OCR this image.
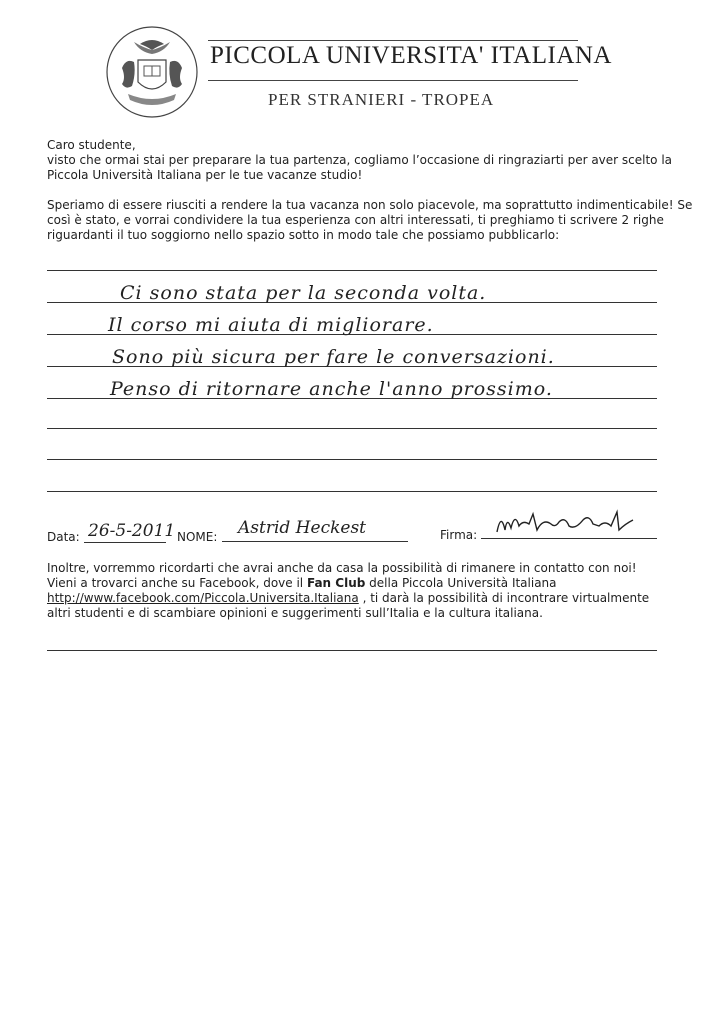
PICCOLA UNIVERSITA' ITALIANA
PER STRANIERI - TROPEA
Caro studente,
visto che ormai stai per preparare la tua partenza, cogliamo l’occasione di ringraziarti per aver scelto la
Piccola Università Italiana per le tue vacanze studio!
Speriamo di essere riusciti a rendere la tua vacanza non solo piacevole, ma soprattutto indimenticabile! Se
così è stato, e vorrai condividere la tua esperienza con altri interessati, ti preghiamo ti scrivere 2 righe
riguardanti il tuo soggiorno nello spazio sotto in modo tale che possiamo pubblicarlo:
Ci sono stata per la seconda volta.
Il corso mi aiuta di migliorare.
Sono più sicura per fare le conversazioni.
Penso di ritornare anche l'anno prossimo.
Data: 26-5-2011 NOME: Astrid Heckest	Firma:
Inoltre, vorremmo ricordarti che avrai anche da casa la possibilità di rimanere in contatto con noi!
Vieni a trovarci anche su Facebook, dove il Fan Club della Piccola Università Italiana
http://www.facebook.com/Piccola.Universita.Italiana , ti darà la possibilità di incontrare virtualmente
altri studenti e di scambiare opinioni e suggerimenti sull’Italia e la cultura italiana.
